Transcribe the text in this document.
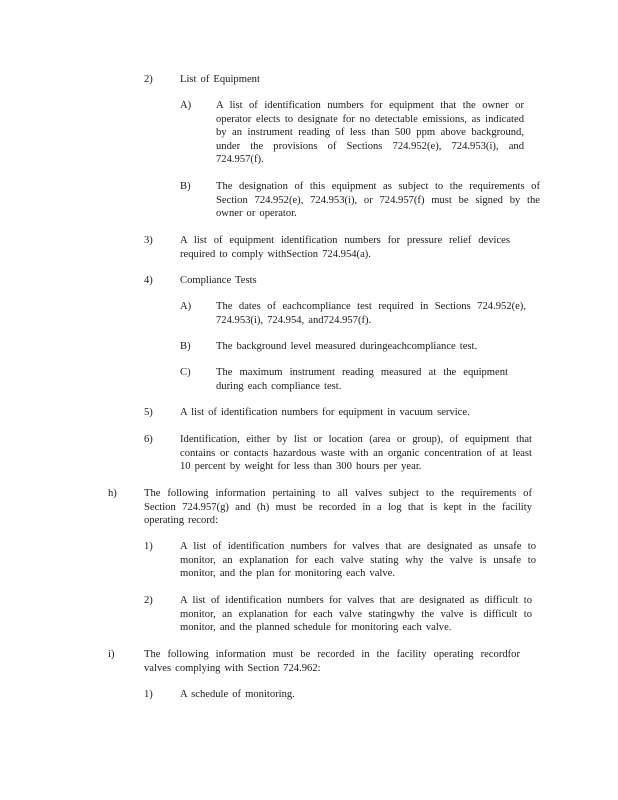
2)	List of Equipment
A) A list of identification numbers for equipment that the owner or operator elects to designate for no detectable emissions, as indicated by an instrument reading of less than 500 ppm above background, under the provisions of Sections 724.952(e), 724.953(i), and 724.957(f).
B) The designation of this equipment as subject to the requirements of Section 724.952(e), 724.953(i), or 724.957(f) must be signed by the owner or operator.
3)	A list of equipment identification numbers for pressure relief devices required to comply withSection 724.954(a).
4)	Compliance Tests
A) The dates of eachcompliance test required in Sections 724.952(e), 724.953(i), 724.954, and724.957(f).
B) The background level measured duringeachcompliance test.
C) The maximum instrument reading measured at the equipment during each compliance test.
5)	A list of identification numbers for equipment in vacuum service.
6)	Identification, either by list or location (area or group), of equipment that contains or contacts hazardous waste with an organic concentration of at least 10 percent by weight for less than 300 hours per year.
h)	The following information pertaining to all valves subject to the requirements of Section 724.957(g) and (h) must be recorded in a log that is kept in the facility operating record:
1)	A list of identification numbers for valves that are designated as unsafe to monitor, an explanation for each valve stating why the valve is unsafe to monitor, and the plan for monitoring each valve.
2)	A list of identification numbers for valves that are designated as difficult to monitor, an explanation for each valve statingwhy the valve is difficult to monitor, and the planned schedule for monitoring each valve.
i)	The following information must be recorded in the facility operating recordfor valves complying with Section 724.962:
1)	A schedule of monitoring.
